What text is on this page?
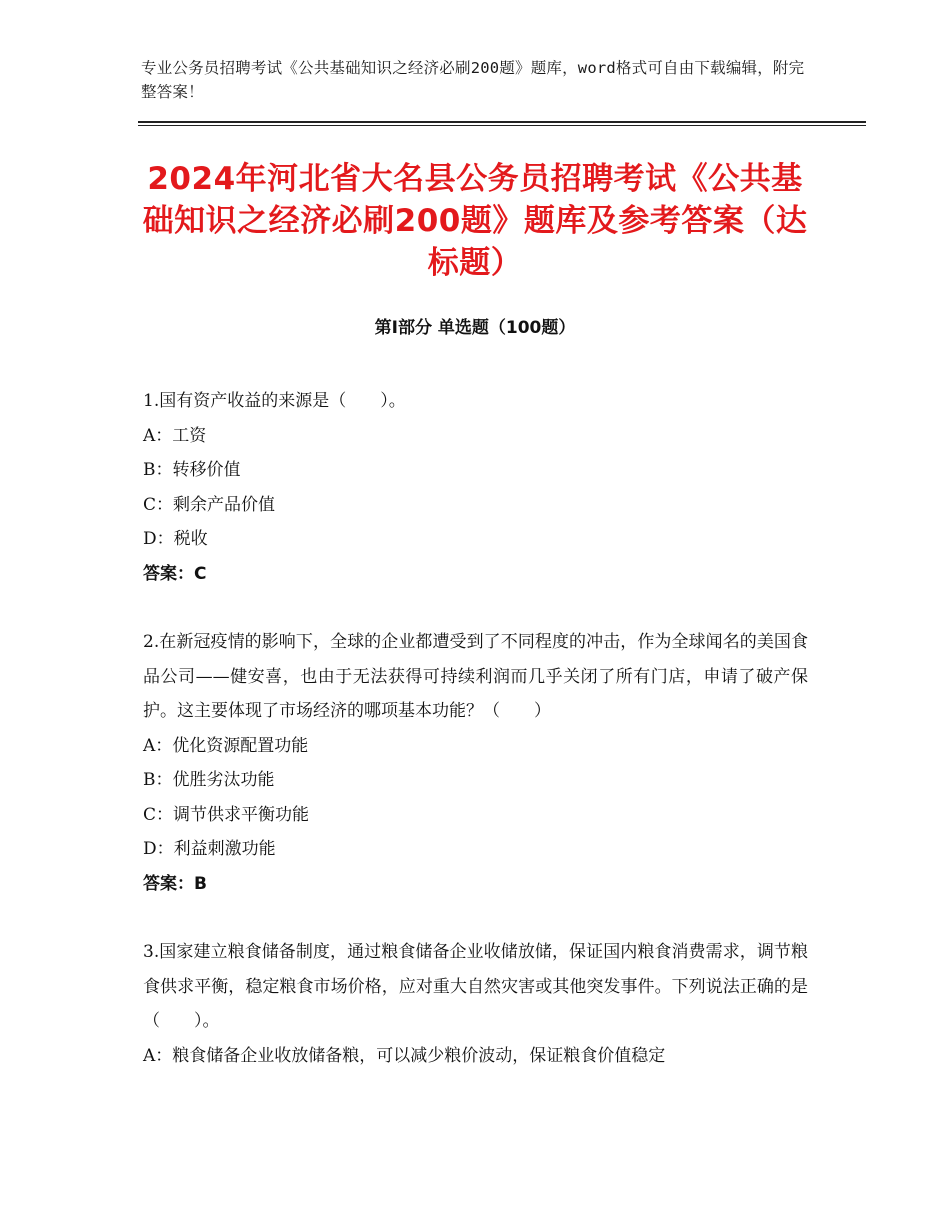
专业公务员招聘考试《公共基础知识之经济必刷200题》题库，word格式可自由下载编辑，附完整答案！
2024年河北省大名县公务员招聘考试《公共基础知识之经济必刷200题》题库及参考答案（达标题）
第Ⅰ部分 单选题（100题）
1.国有资产收益的来源是（　　）。
A：工资
B：转移价值
C：剩余产品价值
D：税收
答案：C
2.在新冠疫情的影响下，全球的企业都遭受到了不同程度的冲击，作为全球闻名的美国食品公司——健安喜，也由于无法获得可持续利润而几乎关闭了所有门店，申请了破产保护。这主要体现了市场经济的哪项基本功能？（　　）
A：优化资源配置功能
B：优胜劣汰功能
C：调节供求平衡功能
D：利益刺激功能
答案：B
3.国家建立粮食储备制度，通过粮食储备企业收储放储，保证国内粮食消费需求，调节粮食供求平衡，稳定粮食市场价格，应对重大自然灾害或其他突发事件。下列说法正确的是（　　）。
A：粮食储备企业收放储备粮，可以减少粮价波动，保证粮食价值稳定
